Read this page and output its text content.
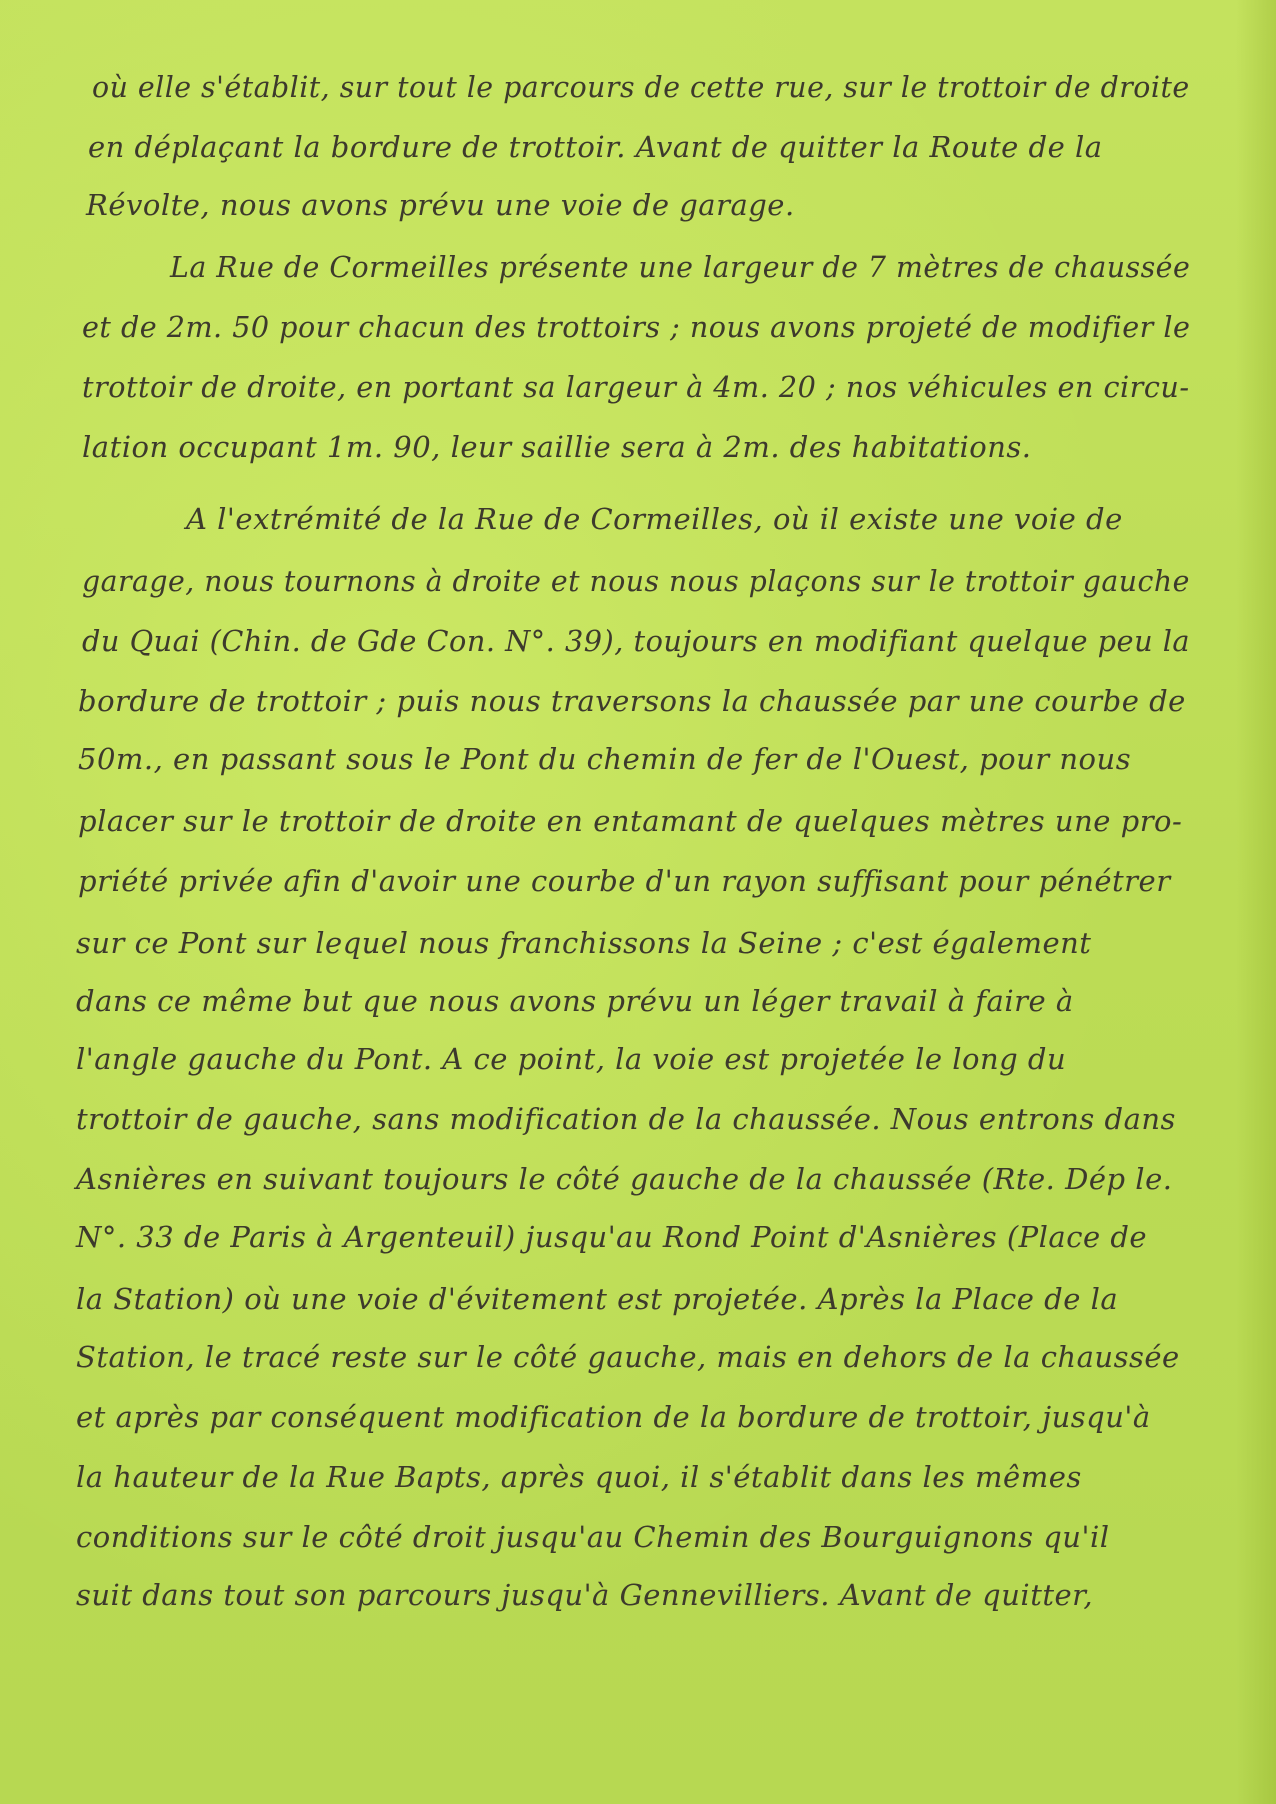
où elle s'établit, sur tout le parcours de cette rue, sur le trottoir de droite
en déplaçant la bordure de trottoir. Avant de quitter la Route de la
Révolte, nous avons prévu une voie de garage.
La Rue de Cormeilles présente une largeur de 7 mètres de chaussée
et de 2m. 50 pour chacun des trottoirs ; nous avons projeté de modifier le
trottoir de droite, en portant sa largeur à 4m. 20 ; nos véhicules en circu-
lation occupant 1m. 90, leur saillie sera à 2m. des habitations.
A l'extrémité de la Rue de Cormeilles, où il existe une voie de
garage, nous tournons à droite et nous nous plaçons sur le trottoir gauche
du Quai (Chin. de Gde Con. N°. 39), toujours en modifiant quelque peu la
bordure de trottoir ; puis nous traversons la chaussée par une courbe de
50m., en passant sous le Pont du chemin de fer de l'Ouest, pour nous
placer sur le trottoir de droite en entamant de quelques mètres une pro-
priété privée afin d'avoir une courbe d'un rayon suffisant pour pénétrer
sur ce Pont sur lequel nous franchissons la Seine ; c'est également
dans ce même but que nous avons prévu un léger travail à faire à
l'angle gauche du Pont. A ce point, la voie est projetée le long du
trottoir de gauche, sans modification de la chaussée. Nous entrons dans
Asnières en suivant toujours le côté gauche de la chaussée (Rte. Dép le.
N°. 33 de Paris à Argenteuil) jusqu'au Rond Point d'Asnières (Place de
la Station) où une voie d'évitement est projetée. Après la Place de la
Station, le tracé reste sur le côté gauche, mais en dehors de la chaussée
et après par conséquent modification de la bordure de trottoir, jusqu'à
la hauteur de la Rue Bapts, après quoi, il s'établit dans les mêmes
conditions sur le côté droit jusqu'au Chemin des Bourguignons qu'il
suit dans tout son parcours jusqu'à Gennevilliers. Avant de quitter,
